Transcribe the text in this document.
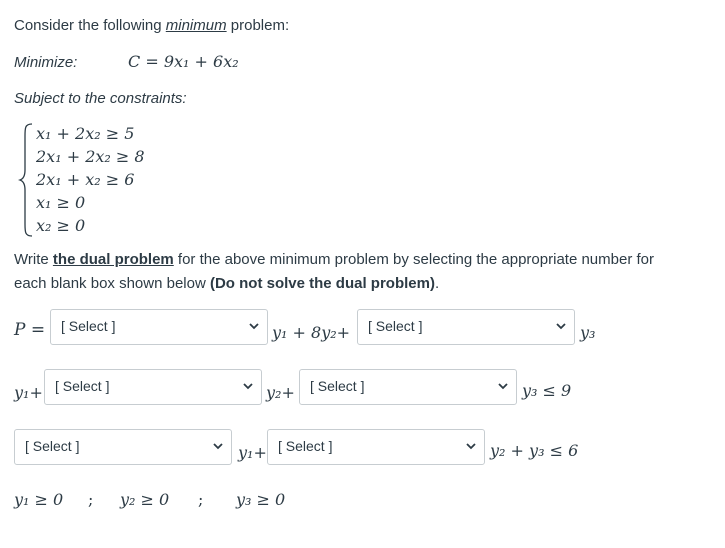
Consider the following minimum problem:
Minimize:	C = 9x₁ + 6x₂
Subject to the constraints:
x₁ + 2x₂ ≥ 5
2x₁ + 2x₂ ≥ 8
2x₁ + x₂ ≥ 6
x₁ ≥ 0
x₂ ≥ 0
Write the dual problem for the above minimum problem by selecting the appropriate number for
each blank box shown below (Do not solve the dual problem).
P = [ Select ]	y₁ + 8y₂+ [ Select ]	y₃
y₁+ [ Select ]	y₂+ [ Select ]	y₃ ≤ 9
[ Select ]	y₁+ [ Select ]	y₂ + y₃ ≤ 6
y₁ ≥ 0 ; y₂ ≥ 0 ; y₃ ≥ 0
